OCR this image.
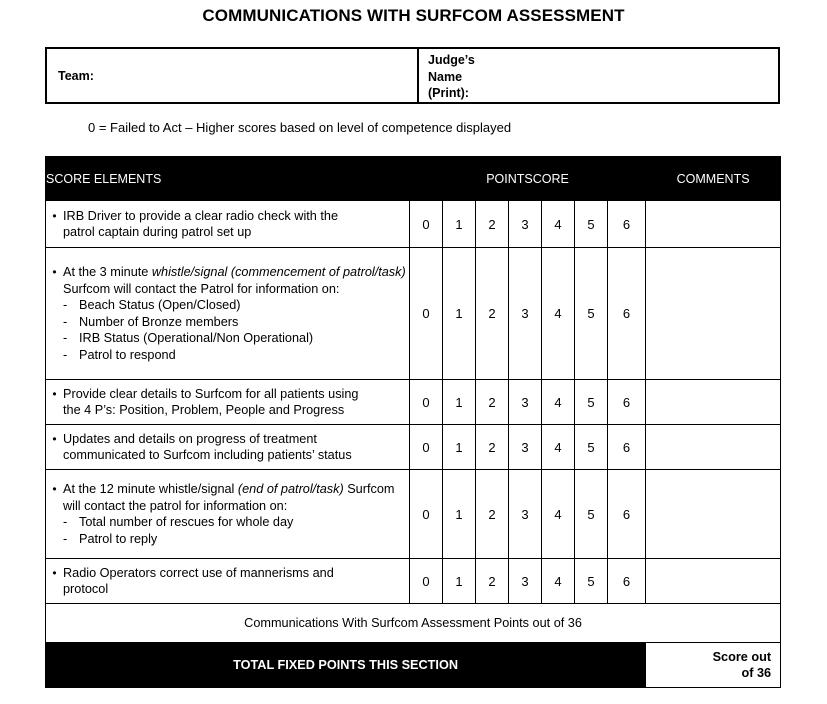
COMMUNICATIONS WITH SURFCOM ASSESSMENT
Team:
Judge’s
Name
(Print):
0 = Failed to Act – Higher scores based on level of competence displayed
SCORE ELEMENTS	POINTSCORE							COMMENTS

• IRB Driver to provide a clear radio check with the
patrol captain during patrol set up	0	1	2	3	4	5	6	

• At the 3 minute whistle/signal (commencement of patrol/task) Surfcom will contact the Patrol for information on:
- Beach Status (Open/Closed)
- Number of Bronze members
- IRB Status (Operational/Non Operational)
- Patrol to respond
	0	1	2	3	4	5	6	

• Provide clear details to Surfcom for all patients using
the 4 P’s: Position, Problem, People and Progress	0	1	2	3	4	5	6	

• Updates and details on progress of treatment
communicated to Surfcom including patients’ status	0	1	2	3	4	5	6	

• At the 12 minute whistle/signal (end of patrol/task) Surfcom will contact the patrol for information on:
- Total number of rescues for whole day
- Patrol to reply
	0	1	2	3	4	5	6	

• Radio Operators correct use of mannerisms and
protocol	0	1	2	3	4	5	6	
Communications With Surfcom Assessment Points out of 36								
TOTAL FIXED POINTS THIS SECTION								Score out
of 36
